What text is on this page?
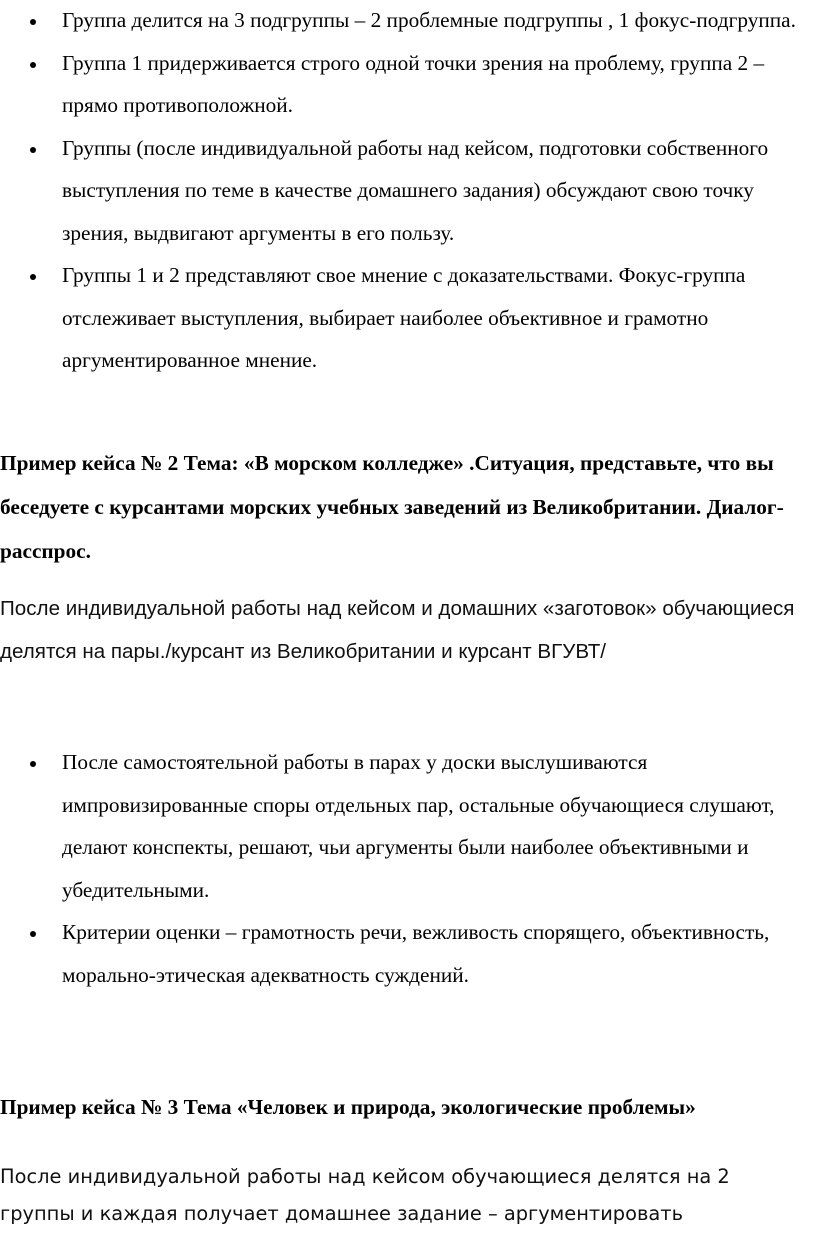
Группа делится на 3 подгруппы – 2 проблемные подгруппы , 1 фокус-подгруппа.
Группа 1 придерживается строго одной точки зрения на проблему, группа 2 – прямо противоположной.
Группы (после индивидуальной работы над кейсом, подготовки собственного выступления по теме в качестве домашнего задания) обсуждают свою точку зрения, выдвигают аргументы в его пользу.
Группы 1 и 2 представляют свое мнение с доказательствами. Фокус-группа отслеживает выступления, выбирает наиболее объективное и грамотно аргументированное мнение.

Пример кейса № 2 Тема: «В морском колледже» .Ситуация, представьте, что вы беседуете с курсантами морских учебных заведений из Великобритании. Диалог-расспрос.

После индивидуальной работы над кейсом и домашних «заготовок» обучающиеся делятся на пары./курсант из Великобритании и курсант ВГУВТ/

После самостоятельной работы в парах у доски выслушиваются импровизированные споры отдельных пар, остальные обучающиеся слушают, делают конспекты, решают, чьи аргументы были наиболее объективными и убедительными.
Критерии оценки – грамотность речи, вежливость спорящего, объективность, морально-этическая адекватность суждений.

Пример кейса № 3 Тема «Человек и природа, экологические проблемы»

После индивидуальной работы над кейсом обучающиеся делятся на 2 группы и каждая получает домашнее задание – аргументировать
